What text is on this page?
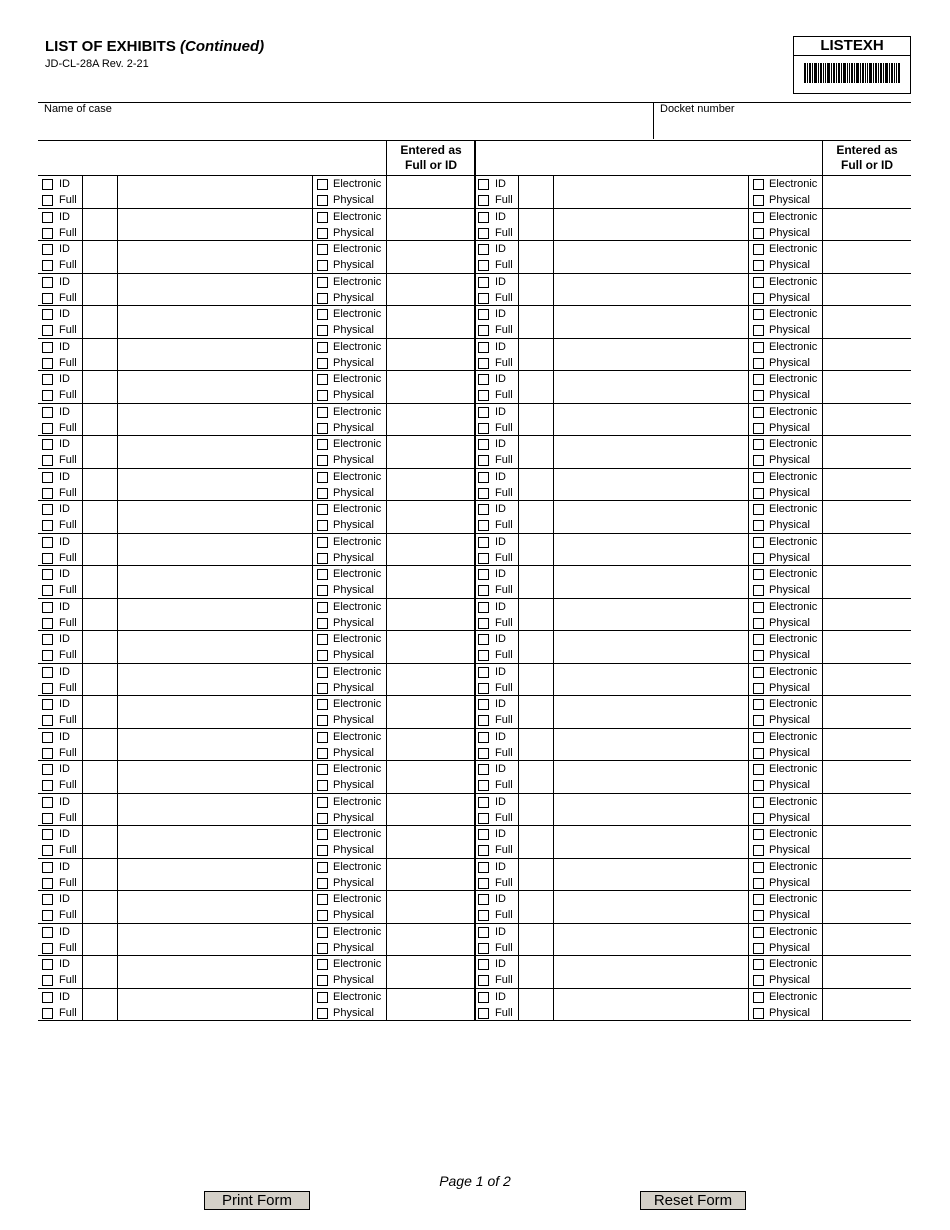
LIST OF EXHIBITS (Continued)
JD-CL-28A Rev. 2-21
LISTEXH
Name of case	Docket number
Entered as
Full or ID
Entered as
Full or ID
ID
Full
Electronic
Physical
ID
Full
Electronic
Physical
ID
Full
Electronic
Physical
ID
Full
Electronic
Physical
ID
Full
Electronic
Physical
ID
Full
Electronic
Physical
ID
Full
Electronic
Physical
ID
Full
Electronic
Physical
ID
Full
Electronic
Physical
ID
Full
Electronic
Physical
ID
Full
Electronic
Physical
ID
Full
Electronic
Physical
ID
Full
Electronic
Physical
ID
Full
Electronic
Physical
ID
Full
Electronic
Physical
ID
Full
Electronic
Physical
ID
Full
Electronic
Physical
ID
Full
Electronic
Physical
ID
Full
Electronic
Physical
ID
Full
Electronic
Physical
ID
Full
Electronic
Physical
ID
Full
Electronic
Physical
ID
Full
Electronic
Physical
ID
Full
Electronic
Physical
ID
Full
Electronic
Physical
ID
Full
Electronic
Physical
ID
Full
Electronic
Physical
ID
Full
Electronic
Physical
ID
Full
Electronic
Physical
ID
Full
Electronic
Physical
ID
Full
Electronic
Physical
ID
Full
Electronic
Physical
ID
Full
Electronic
Physical
ID
Full
Electronic
Physical
ID
Full
Electronic
Physical
ID
Full
Electronic
Physical
ID
Full
Electronic
Physical
ID
Full
Electronic
Physical
ID
Full
Electronic
Physical
ID
Full
Electronic
Physical
ID
Full
Electronic
Physical
ID
Full
Electronic
Physical
ID
Full
Electronic
Physical
ID
Full
Electronic
Physical
ID
Full
Electronic
Physical
ID
Full
Electronic
Physical
ID
Full
Electronic
Physical
ID
Full
Electronic
Physical
ID
Full
Electronic
Physical
ID
Full
Electronic
Physical
ID
Full
Electronic
Physical
ID
Full
Electronic
Physical
Page 1 of 2
Print Form	Reset Form
